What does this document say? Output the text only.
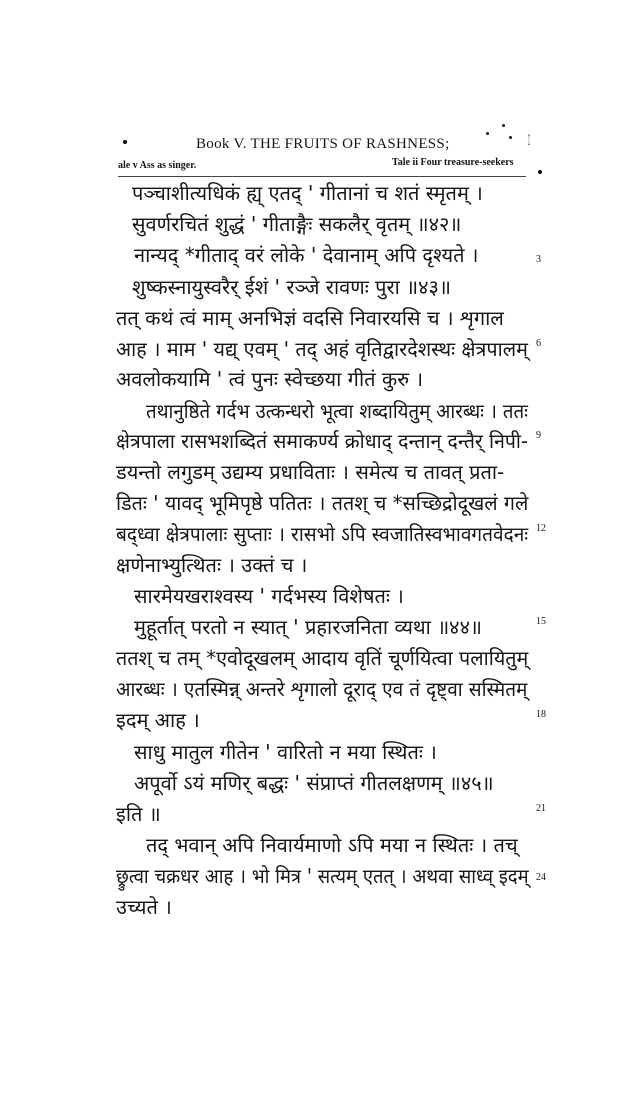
Book V. THE FRUITS OF RASHNESS;	272
ale v Ass as singer.	Tale ii Four treasure-seekers
पञ्चाशीत्यधिकं ह्य् एतद् ' गीतानां च शतं स्मृतम् ।
सुवर्णरचितं शुद्धं ' गीताङ्गैः सकलैर् वृतम् ॥४२॥
नान्यद् *गीताद् वरं लोके ' देवानाम् अपि दृश्यते ।
शुष्कस्नायुस्वरैर् ईशं ' रञ्जे रावणः पुरा ॥४३॥
तत् कथं त्वं माम् अनभिज्ञं वदसि निवारयसि च । शृगाल
आह । माम ' यद्य् एवम् ' तद् अहं वृतिद्वारदेशस्थः क्षेत्रपालम्
अवलोकयामि ' त्वं पुनः स्वेच्छया गीतं कुरु ।
तथानुष्ठिते गर्दभ उत्कन्धरो भूत्वा शब्दायितुम् आरब्धः । ततः
क्षेत्रपाला रासभशब्दितं समाकर्ण्य क्रोधाद् दन्तान् दन्तैर् निपी-
डयन्तो लगुडम् उद्यम्य प्रधाविताः । समेत्य च तावत् प्रता-
डितः ' यावद् भूमिपृष्ठे पतितः । ततश् च *सच्छिद्रोदूखलं गले
बद्ध्वा क्षेत्रपालाः सुप्ताः । रासभो ऽपि स्वजातिस्वभावगतवेदनः
क्षणेनाभ्युत्थितः । उक्तं च ।
सारमेयखराश्वस्य ' गर्दभस्य विशेषतः ।
मुहूर्तात् परतो न स्यात् ' प्रहारजनिता व्यथा ॥४४॥
ततश् च तम् *एवोदूखलम् आदाय वृतिं चूर्णयित्वा पलायितुम्
आरब्धः । एतस्मिन्न् अन्तरे शृगालो दूराद् एव तं दृष्ट्वा सस्मितम्
इदम् आह ।
साधु मातुल गीतेन ' वारितो न मया स्थितः ।
अपूर्वो ऽयं मणिर् बद्धः ' संप्राप्तं गीतलक्षणम् ॥४५॥
इति ॥
तद् भवान् अपि निवार्यमाणो ऽपि मया न स्थितः । तच्
छ्रुत्वा चक्रधर आह । भो मित्र ' सत्यम् एतत् । अथवा साध्व् इदम्
उच्यते ।
3
6
9
12
15
18
21
24
